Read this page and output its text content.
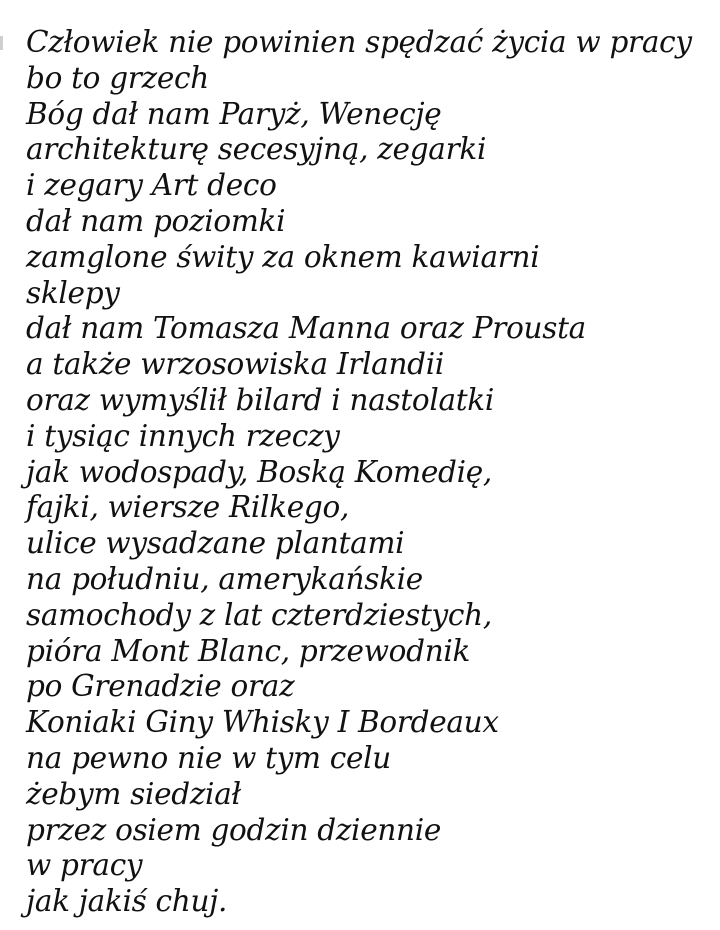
Człowiek nie powinien spędzać życia w pracy
bo to grzech
Bóg dał nam Paryż, Wenecję
architekturę secesyjną, zegarki
i zegary Art deco
dał nam poziomki
zamglone świty za oknem kawiarni
sklepy
dał nam Tomasza Manna oraz Prousta
a także wrzosowiska Irlandii
oraz wymyślił bilard i nastolatki
i tysiąc innych rzeczy
jak wodospady, Boską Komedię,
fajki, wiersze Rilkego,
ulice wysadzane plantami
na południu, amerykańskie
samochody z lat czterdziestych,
pióra Mont Blanc, przewodnik
po Grenadzie oraz
Koniaki Giny Whisky I Bordeaux
na pewno nie w tym celu
żebym siedział
przez osiem godzin dziennie
w pracy
jak jakiś chuj.
